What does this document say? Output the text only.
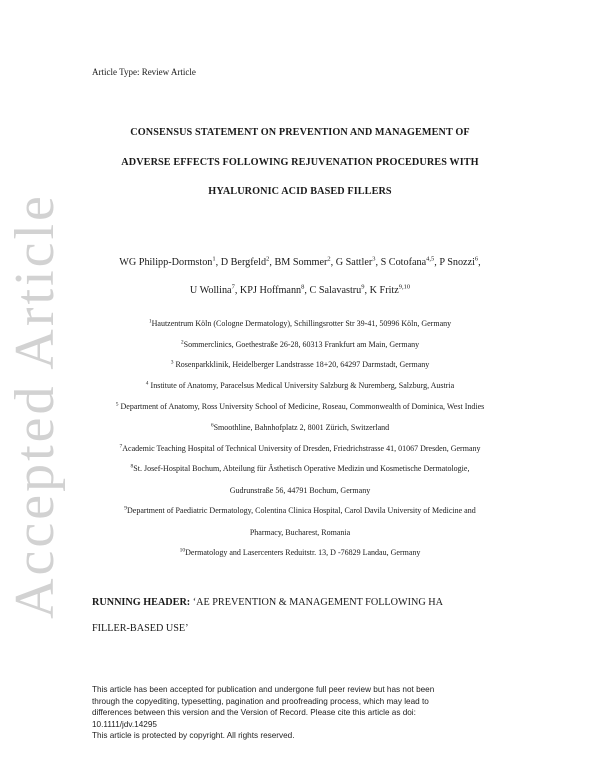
Accepted Article
Article Type: Review Article
CONSENSUS STATEMENT ON PREVENTION AND MANAGEMENT OF
ADVERSE EFFECTS FOLLOWING REJUVENATION PROCEDURES WITH
HYALURONIC ACID BASED FILLERS
WG Philipp-Dormston$^1$, D Bergfeld$^2$, BM Sommer$^2$, G Sattler$^3$, S Cotofana$^{4,5}$, P Snozzi$^6$,
U Wollina$^7$, KPJ Hoffmann$^8$, C Salavastru$^9$, K Fritz$^{9,10}$
$^1$Hautzentrum Köln (Cologne Dermatology), Schillingsrotter Str 39-41, 50996 Köln, Germany
$^2$Sommerclinics, Goethestraße 26-28, 60313 Frankfurt am Main, Germany
$^3$ Rosenparkklinik, Heidelberger Landstrasse 18+20, 64297 Darmstadt, Germany
$^4$ Institute of Anatomy, Paracelsus Medical University Salzburg & Nuremberg, Salzburg, Austria
$^5$ Department of Anatomy, Ross University School of Medicine, Roseau, Commonwealth of Dominica, West Indies
$^6$Smoothline, Bahnhofplatz 2, 8001 Zürich, Switzerland
$^7$Academic Teaching Hospital of Technical University of Dresden, Friedrichstrasse 41, 01067 Dresden, Germany
$^8$St. Josef-Hospital Bochum, Abteilung für Ästhetisch Operative Medizin und Kosmetische Dermatologie,
Gudrunstraße 56, 44791 Bochum, Germany
$^9$Department of Paediatric Dermatology, Colentina Clinica Hospital, Carol Davila University of Medicine and
Pharmacy, Bucharest, Romania
$^{10}$Dermatology and Lasercenters Reduitstr. 13, D -76829 Landau, Germany
RUNNING HEADER: ‘AE PREVENTION & MANAGEMENT FOLLOWING HA
FILLER-BASED USE’
This article has been accepted for publication and undergone full peer review but has not been
through the copyediting, typesetting, pagination and proofreading process, which may lead to
differences between this version and the Version of Record. Please cite this article as doi:
10.1111/jdv.14295
This article is protected by copyright. All rights reserved.
